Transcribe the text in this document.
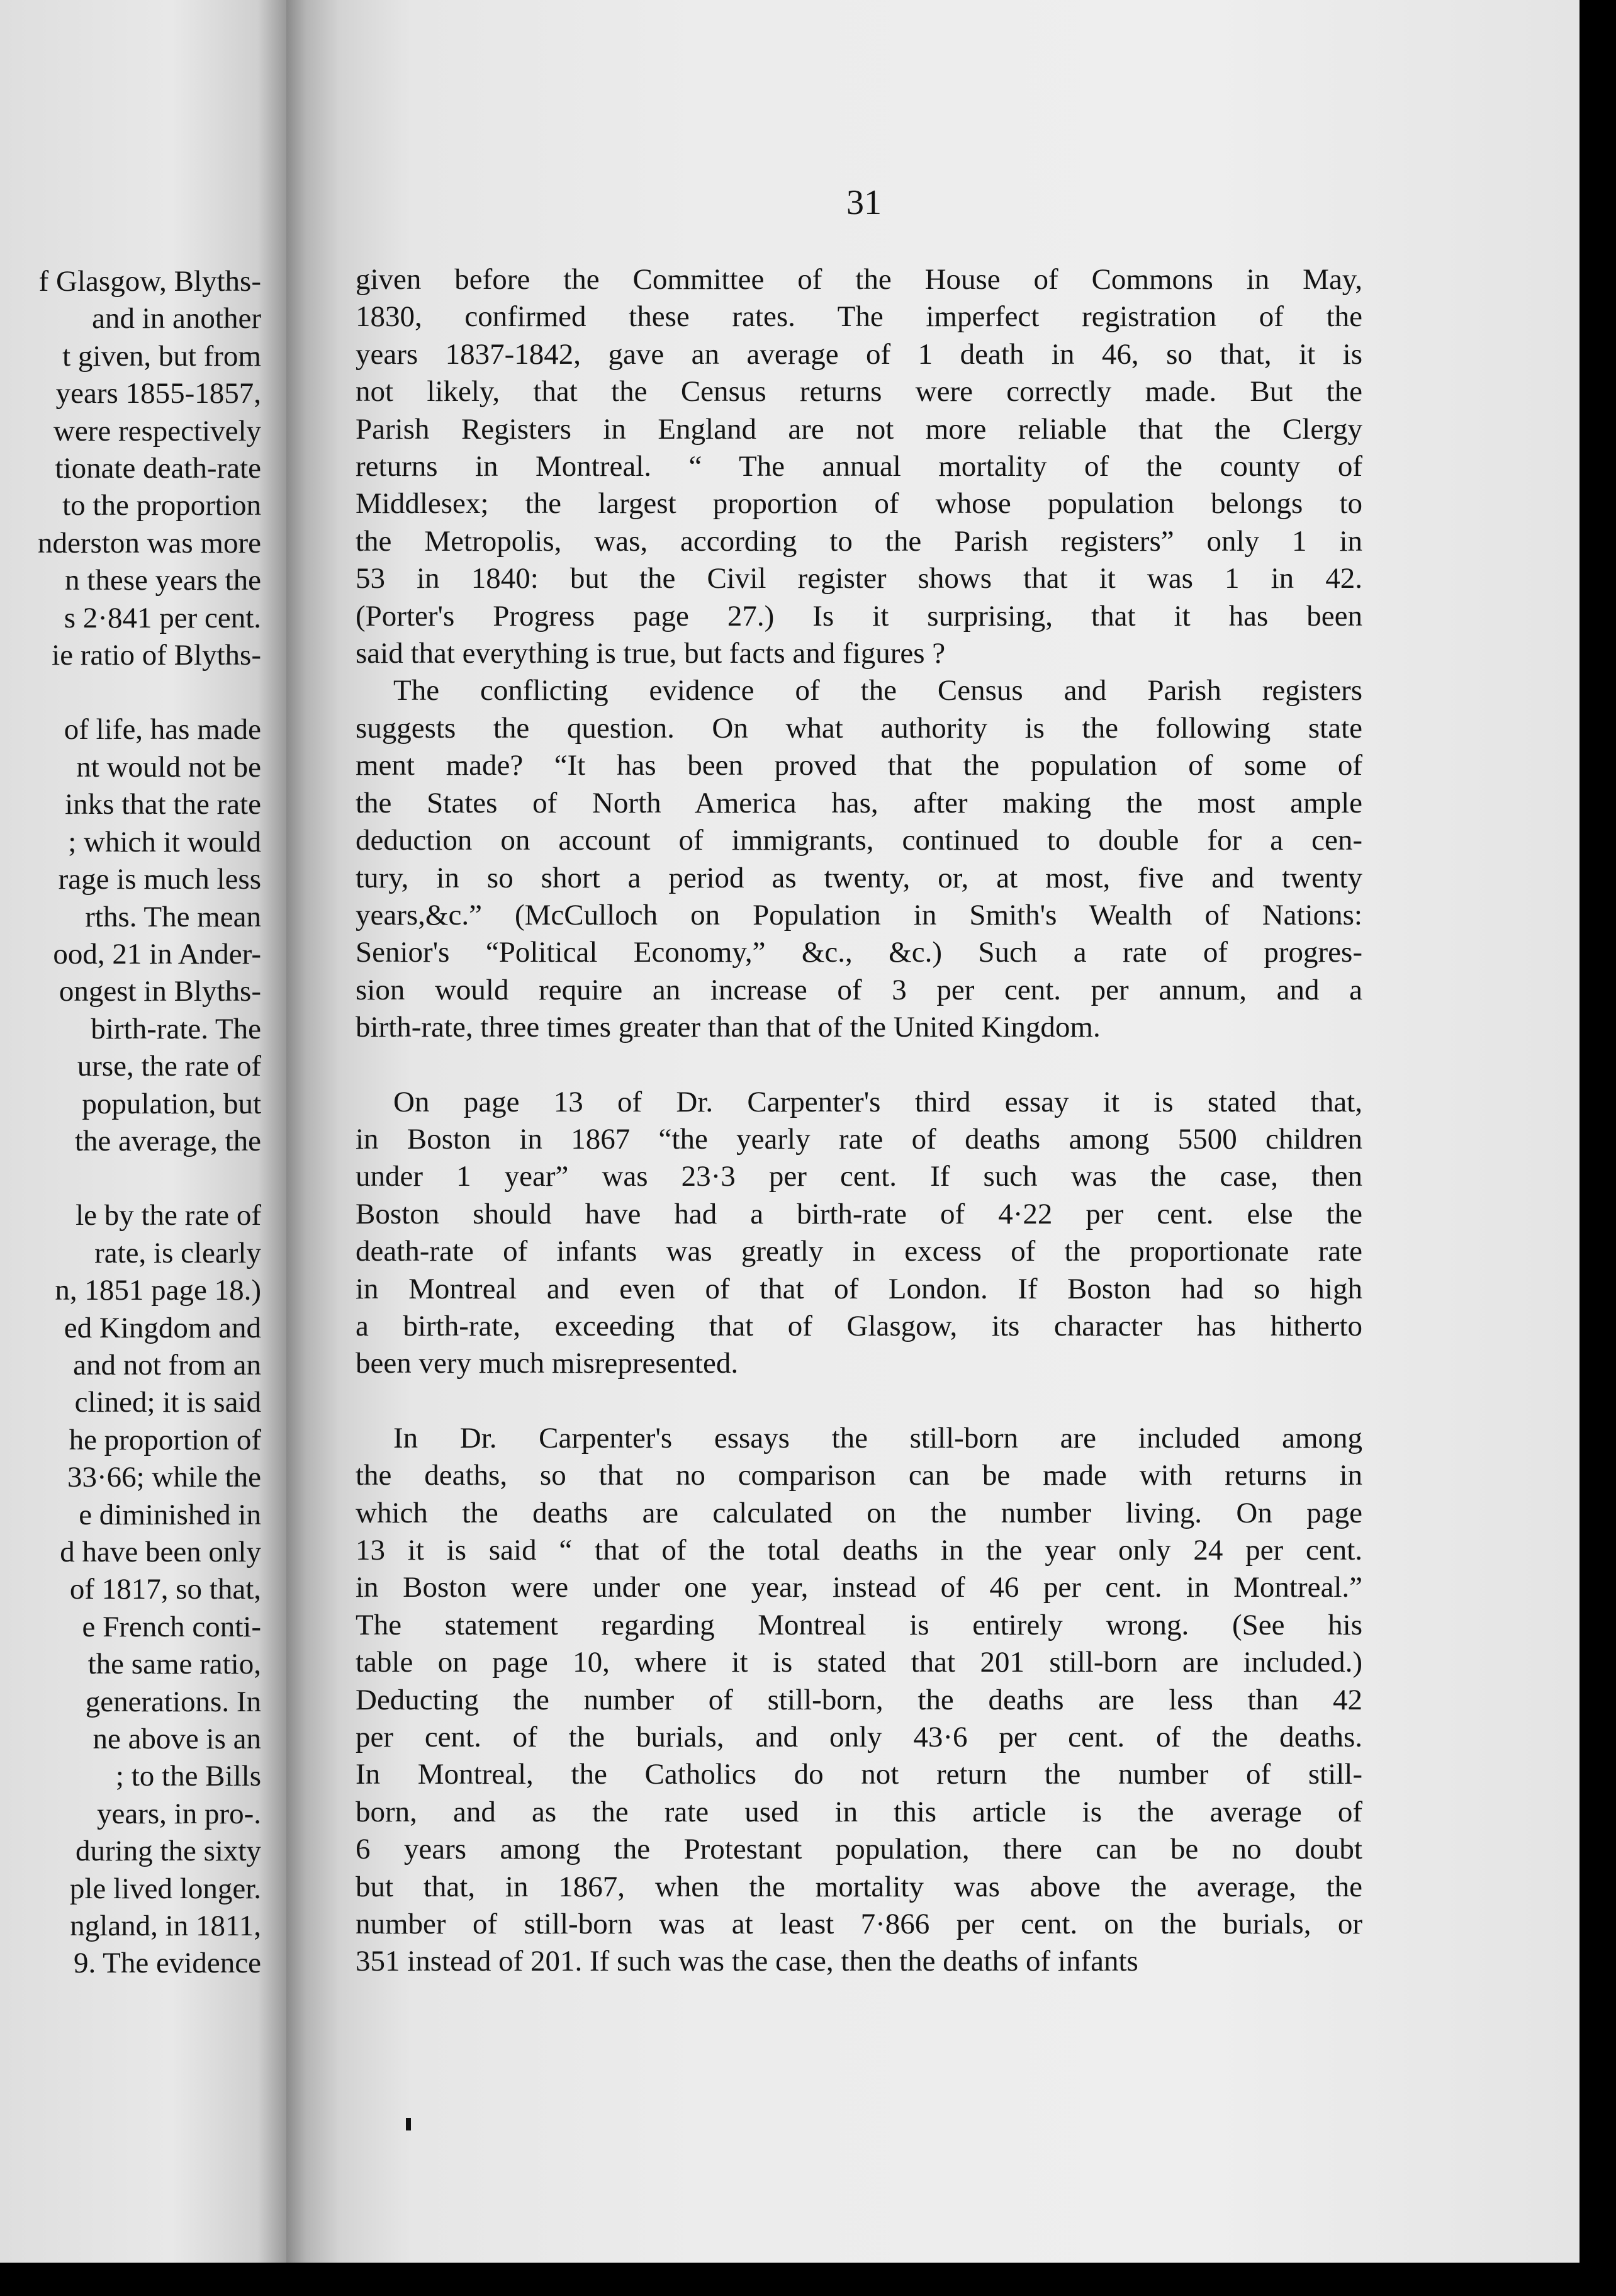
f Glasgow, Blyths-
and in another
t given, but from
years 1855-1857,
were respectively
tionate death-rate
to the proportion
nderston was more
n these years the
s 2·841 per cent.
ie ratio of Blyths-
of life, has made
nt would not be
inks that the rate
; which it would
rage is much less
rths. The mean
ood, 21 in Ander-
ongest in Blyths-
birth-rate. The
urse, the rate of
population, but
the average, the
le by the rate of
rate, is clearly
n, 1851 page 18.)
ed Kingdom and
and not from an
clined; it is said
he proportion of
33·66; while the
e diminished in
d have been only
of 1817, so that,
e French conti-
the same ratio,
generations. In
ne above is an
; to the Bills
years, in pro-.
during the sixty
ple lived longer.
ngland, in 1811,
9. The evidence
31
given before the Committee of the House of Commons in May,
1830, confirmed these rates. The imperfect registration of the
years 1837-1842, gave an average of 1 death in 46, so that, it is
not likely, that the Census returns were correctly made. But the
Parish Registers in England are not more reliable that the Clergy
returns in Montreal. “ The annual mortality of the county of
Middlesex; the largest proportion of whose population belongs to
the Metropolis, was, according to the Parish registers” only 1 in
53 in 1840: but the Civil register shows that it was 1 in 42.
(Porter's Progress page 27.) Is it surprising, that it has been
said that everything is true, but facts and figures ?
The conflicting evidence of the Census and Parish registers
suggests the question. On what authority is the following state
ment made? “It has been proved that the population of some of
the States of North America has, after making the most ample
deduction on account of immigrants, continued to double for a cen-
tury, in so short a period as twenty, or, at most, five and twenty
years,&c.” (McCulloch on Population in Smith's Wealth of Nations:
Senior's “Political Economy,” &c., &c.) Such a rate of progres-
sion would require an increase of 3 per cent. per annum, and a
birth-rate, three times greater than that of the United Kingdom.
On page 13 of Dr. Carpenter's third essay it is stated that,
in Boston in 1867 “the yearly rate of deaths among 5500 children
under 1 year” was 23·3 per cent. If such was the case, then
Boston should have had a birth-rate of 4·22 per cent. else the
death-rate of infants was greatly in excess of the proportionate rate
in Montreal and even of that of London. If Boston had so high
a birth-rate, exceeding that of Glasgow, its character has hitherto
been very much misrepresented.
In Dr. Carpenter's essays the still-born are included among
the deaths, so that no comparison can be made with returns in
which the deaths are calculated on the number living. On page
13 it is said “ that of the total deaths in the year only 24 per cent.
in Boston were under one year, instead of 46 per cent. in Montreal.”
The statement regarding Montreal is entirely wrong. (See his
table on page 10, where it is stated that 201 still-born are included.)
Deducting the number of still-born, the deaths are less than 42
per cent. of the burials, and only 43·6 per cent. of the deaths.
In Montreal, the Catholics do not return the number of still-
born, and as the rate used in this article is the average of
6 years among the Protestant population, there can be no doubt
but that, in 1867, when the mortality was above the average, the
number of still-born was at least 7·866 per cent. on the burials, or
351 instead of 201. If such was the case, then the deaths of infants
